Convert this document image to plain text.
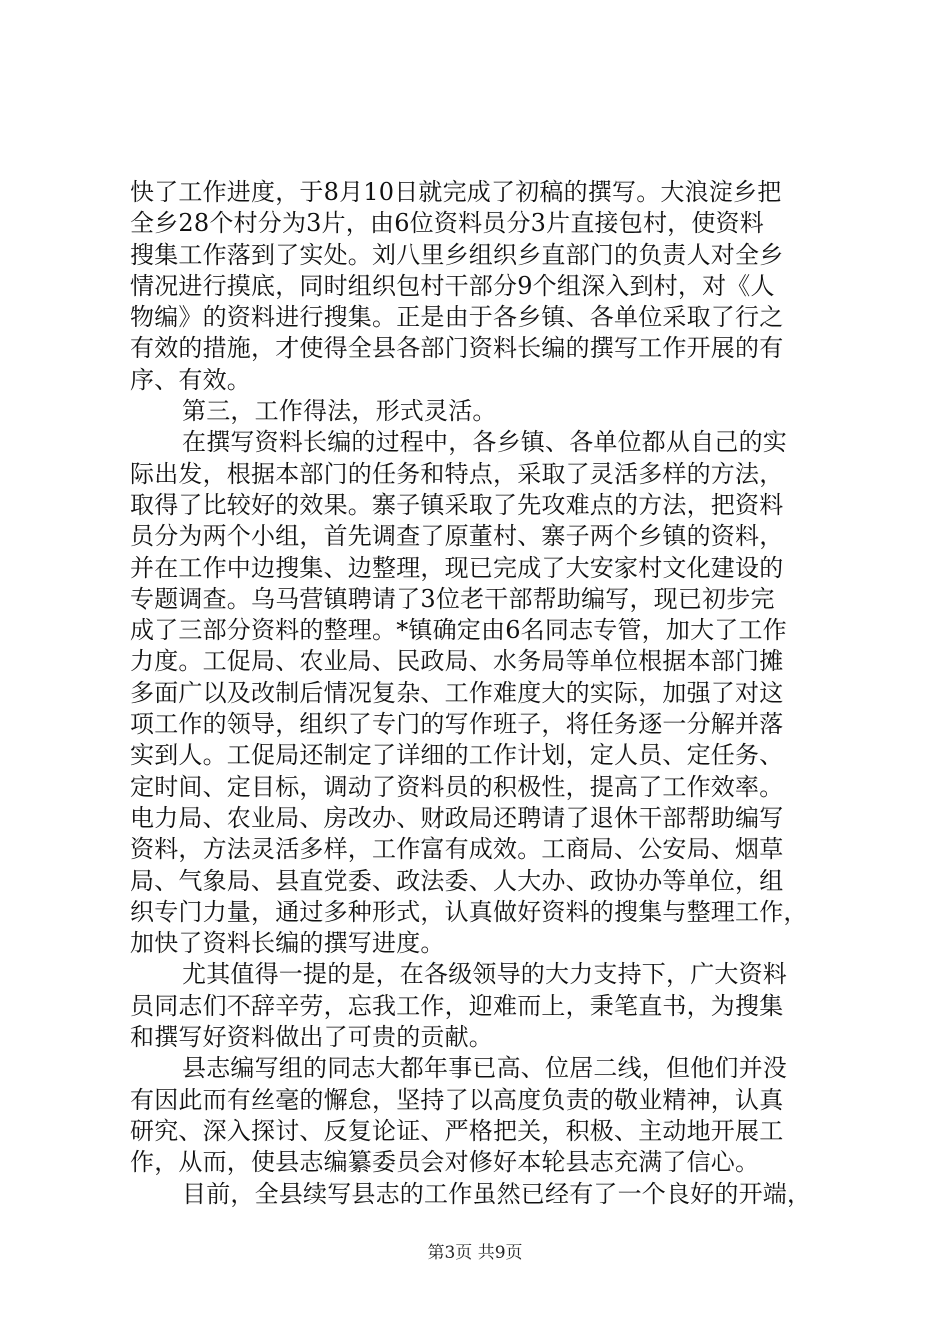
快了工作进度，于8月10日就完成了初稿的撰写。大浪淀乡把
全乡28个村分为3片，由6位资料员分3片直接包村，使资料
搜集工作落到了实处。刘八里乡组织乡直部门的负责人对全乡
情况进行摸底，同时组织包村干部分9个组深入到村，对《人
物编》的资料进行搜集。正是由于各乡镇、各单位采取了行之
有效的措施，才使得全县各部门资料长编的撰写工作开展的有
序、有效。
第三，工作得法，形式灵活。
在撰写资料长编的过程中，各乡镇、各单位都从自己的实
际出发，根据本部门的任务和特点，采取了灵活多样的方法，
取得了比较好的效果。寨子镇采取了先攻难点的方法，把资料
员分为两个小组，首先调查了原董村、寨子两个乡镇的资料，
并在工作中边搜集、边整理，现已完成了大安家村文化建设的
专题调查。乌马营镇聘请了3位老干部帮助编写，现已初步完
成了三部分资料的整理。*镇确定由6名同志专管，加大了工作
力度。工促局、农业局、民政局、水务局等单位根据本部门摊
多面广以及改制后情况复杂、工作难度大的实际，加强了对这
项工作的领导，组织了专门的写作班子，将任务逐一分解并落
实到人。工促局还制定了详细的工作计划，定人员、定任务、
定时间、定目标，调动了资料员的积极性，提高了工作效率。
电力局、农业局、房改办、财政局还聘请了退休干部帮助编写
资料，方法灵活多样，工作富有成效。工商局、公安局、烟草
局、气象局、县直党委、政法委、人大办、政协办等单位，组
织专门力量，通过多种形式，认真做好资料的搜集与整理工作，
加快了资料长编的撰写进度。
尤其值得一提的是，在各级领导的大力支持下，广大资料
员同志们不辞辛劳，忘我工作，迎难而上，秉笔直书，为搜集
和撰写好资料做出了可贵的贡献。
县志编写组的同志大都年事已高、位居二线，但他们并没
有因此而有丝毫的懈怠，坚持了以高度负责的敬业精神，认真
研究、深入探讨、反复论证、严格把关，积极、主动地开展工
作，从而，使县志编纂委员会对修好本轮县志充满了信心。
目前，全县续写县志的工作虽然已经有了一个良好的开端，
第3页 共9页
